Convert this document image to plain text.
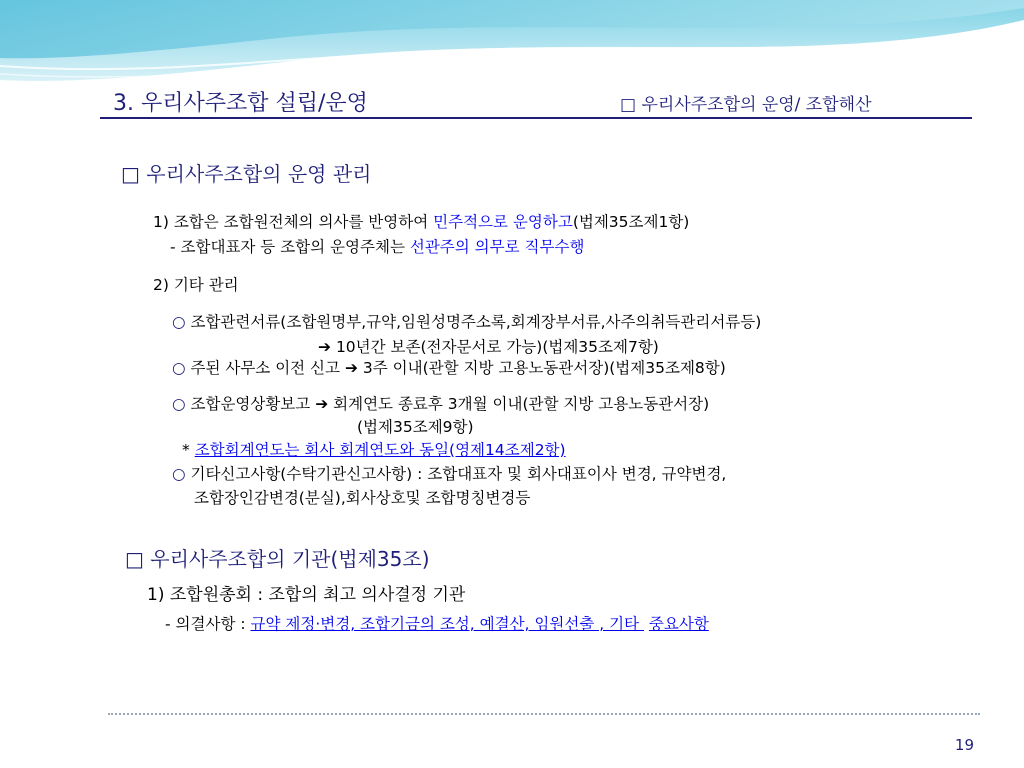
3. 우리사주조합 설립/운영	□ 우리사주조합의 운영/ 조합해산
□ 우리사주조합의 운영 관리
1) 조합은 조합원전체의 의사를 반영하여 민주적으로 운영하고(법제35조제1항)
- 조합대표자 등 조합의 운영주체는 선관주의 의무로 직무수행
2) 기타 관리
○ 조합관련서류(조합원명부,규약,임원성명주소록,회계장부서류,사주의취득관리서류등)
➔ 10년간 보존(전자문서로 가능)(법제35조제7항)
○ 주된 사무소 이전 신고 ➔ 3주 이내(관할 지방 고용노동관서장)(법제35조제8항)
○ 조합운영상황보고 ➔ 회계연도 종료후 3개월 이내(관할 지방 고용노동관서장)
(법제35조제9항)
* 조합회계연도는 회사 회계연도와 동일(영제14조제2항)
○ 기타신고사항(수탁기관신고사항) : 조합대표자 및 회사대표이사 변경, 규약변경,
조합장인감변경(분실),회사상호및 조합명칭변경등
□ 우리사주조합의 기관(법제35조)
1) 조합원총회 : 조합의 최고 의사결정 기관
- 의결사항 : 규약 제정·변경, 조합기금의 조성, 예결산, 임원선출 , 기타  중요사항
19
